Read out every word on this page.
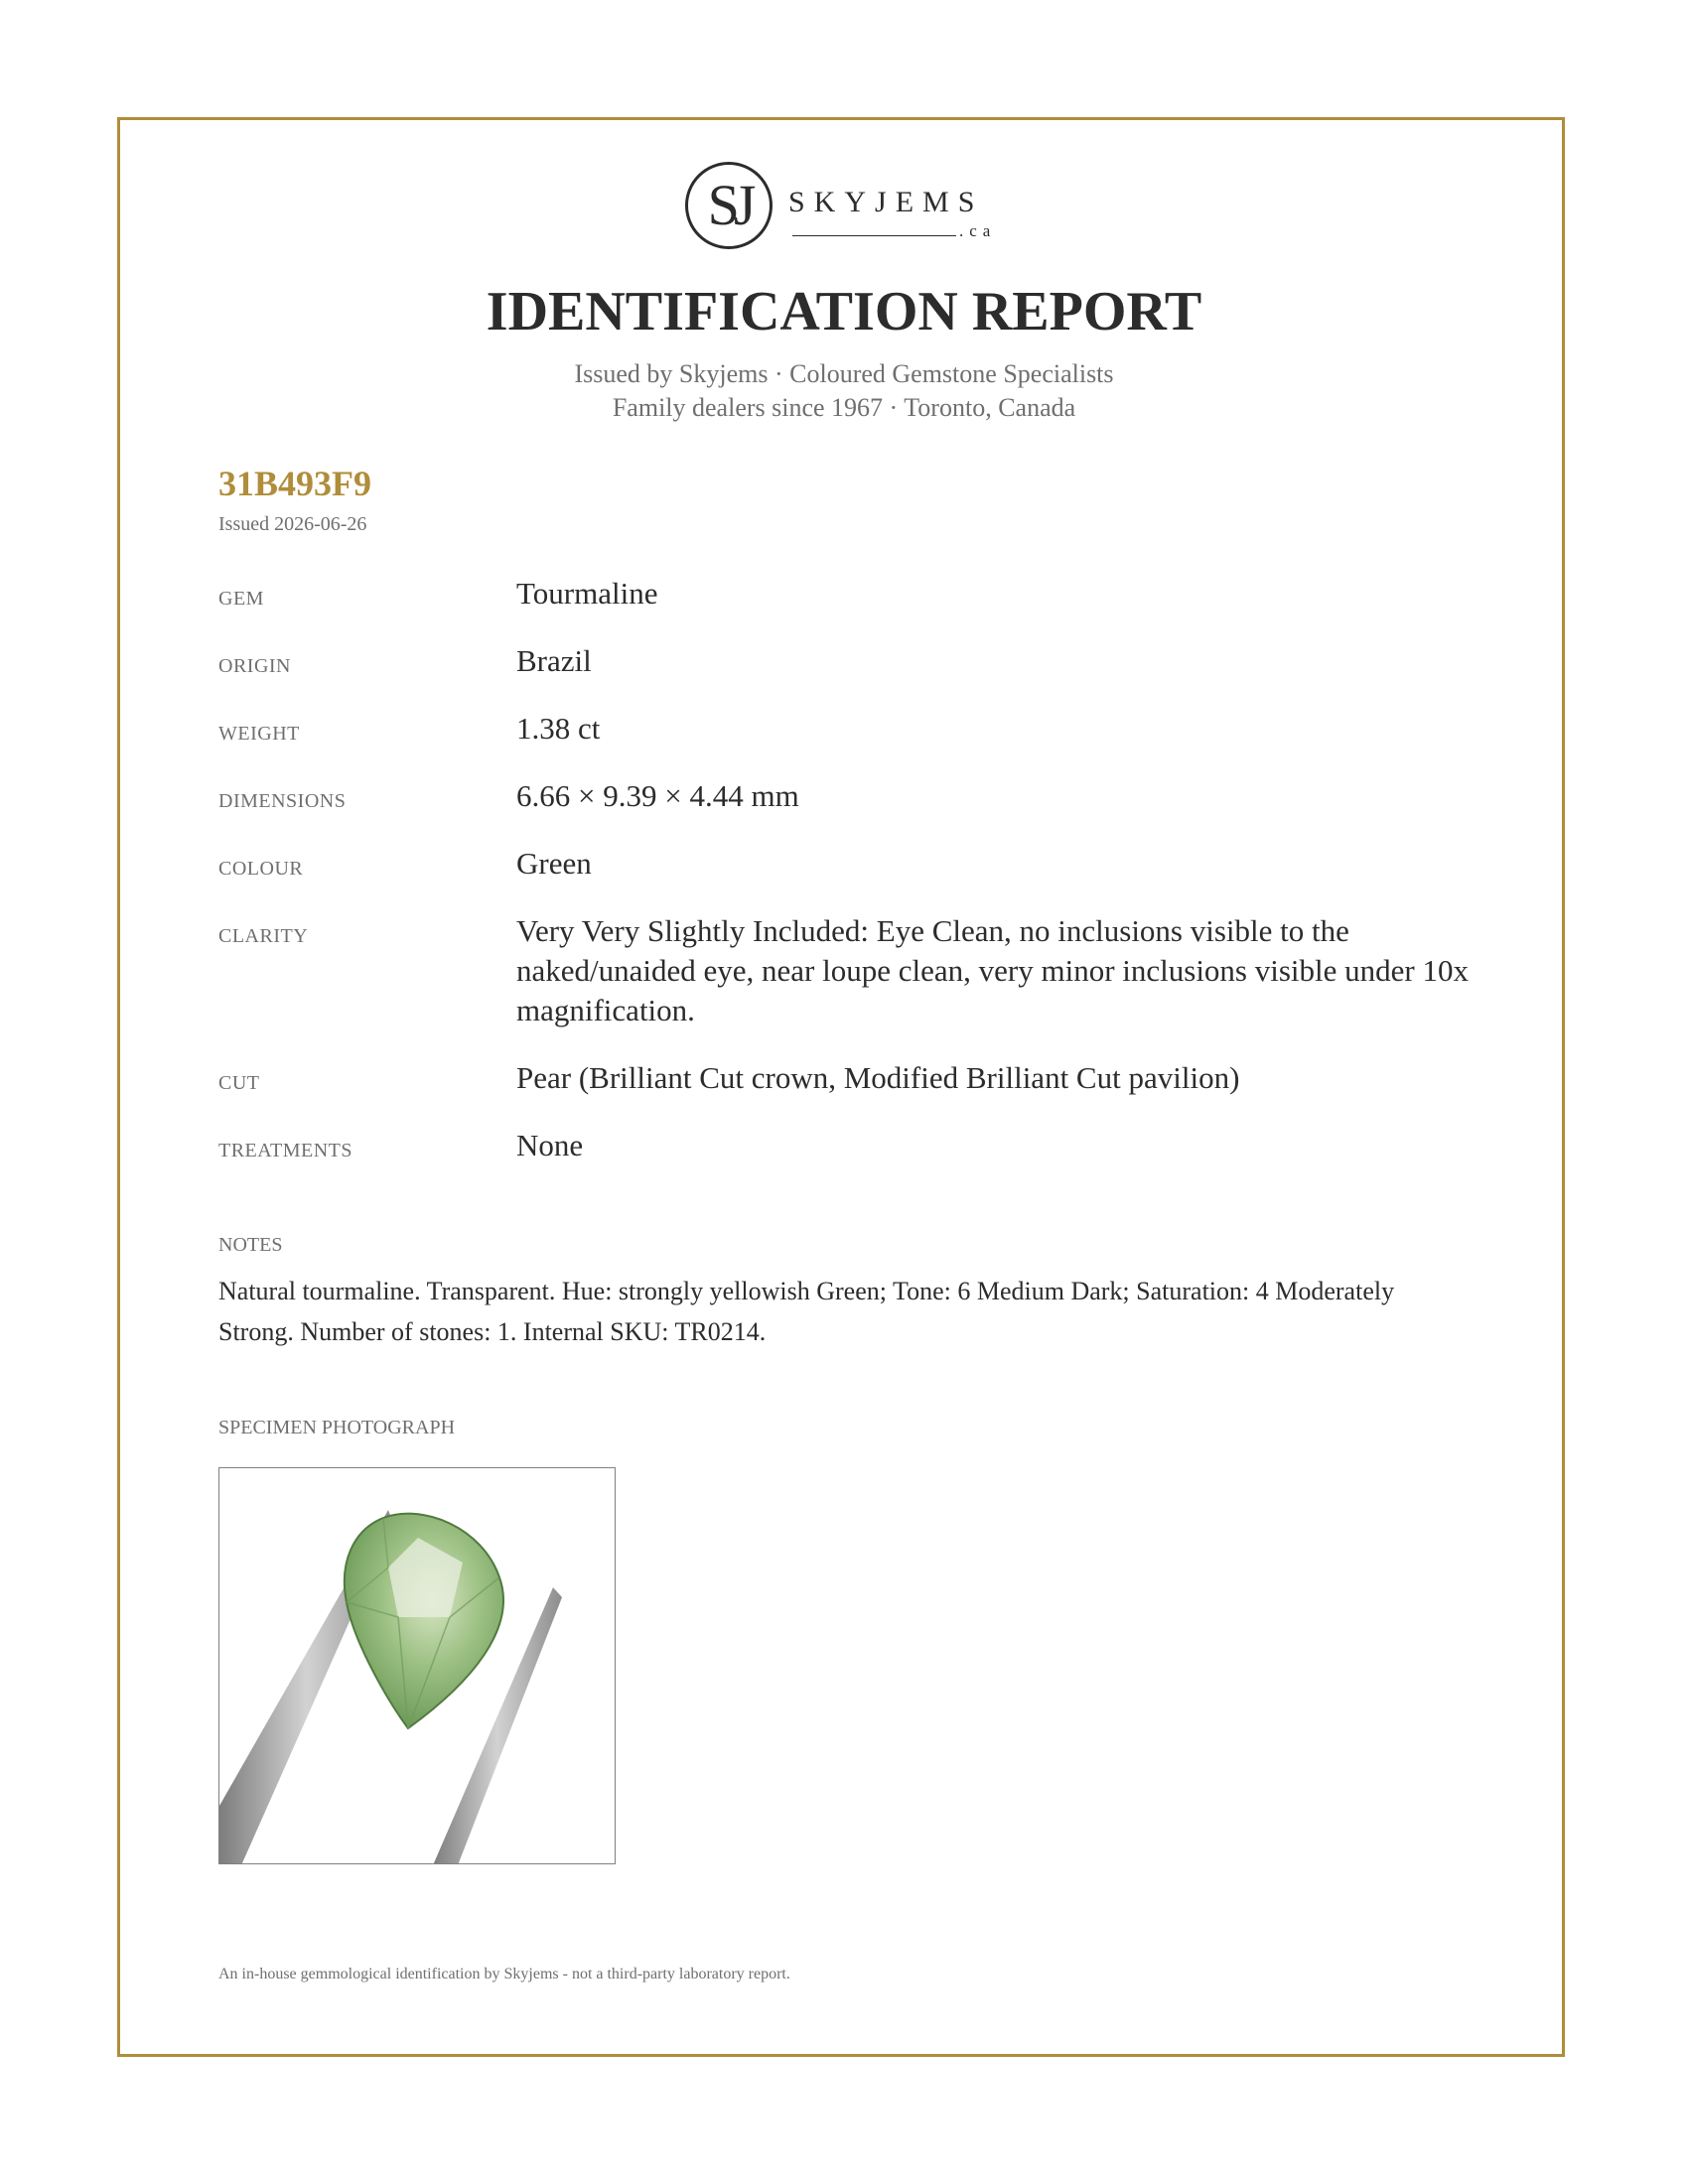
SJ	SKYJEMS
.ca
IDENTIFICATION REPORT
Issued by Skyjems · Coloured Gemstone Specialists
Family dealers since 1967 · Toronto, Canada
31B493F9
Issued 2026-06-26
GEM	Tourmaline
ORIGIN	Brazil
WEIGHT	1.38 ct
DIMENSIONS	6.66 × 9.39 × 4.44 mm
COLOUR	Green
CLARITY	Very Very Slightly Included: Eye Clean, no inclusions visible to the naked/unaided eye, near loupe clean, very minor inclusions visible under 10x magnification.
CUT	Pear (Brilliant Cut crown, Modified Brilliant Cut pavilion)
TREATMENTS	None
NOTES
Natural tourmaline. Transparent. Hue: strongly yellowish Green; Tone: 6 Medium Dark; Saturation: 4 Moderately Strong. Number of stones: 1. Internal SKU: TR0214.
SPECIMEN PHOTOGRAPH
An in-house gemmological identification by Skyjems - not a third-party laboratory report.
